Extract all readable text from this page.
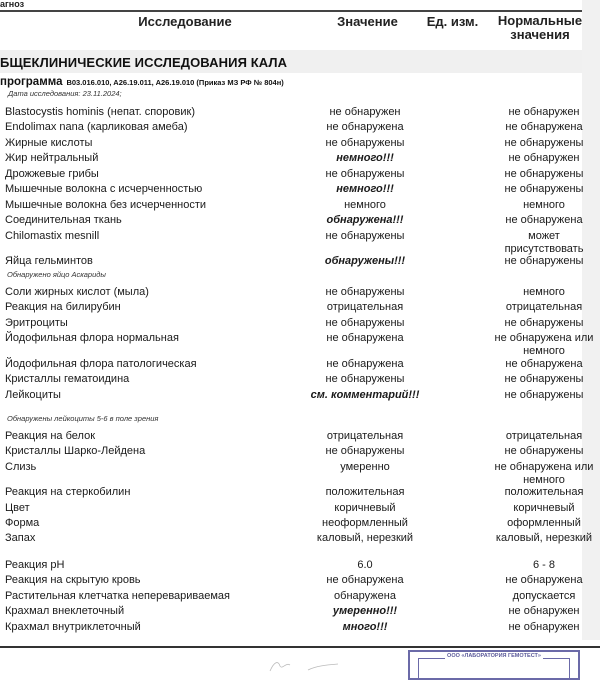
агноз
Исследование	Значение	Ед. изм.	Нормальные значения
БЩЕКЛИНИЧЕСКИЕ ИССЛЕДОВАНИЯ КАЛА
программа B03.016.010, A26.19.011, A26.19.010 (Приказ МЗ РФ № 804н)
Дата исследования: 23.11.2024;
Blastocystis hominis (непат. споровик)	не обнаружен	не обнаружен
Endolimax nana (карликовая амеба)	не обнаружена	не обнаружена
Жирные кислоты	не обнаружены	не обнаружены
Жир нейтральный	немного!!!	не обнаружен
Дрожжевые грибы	не обнаружены	не обнаружены
Мышечные волокна с исчерченностью	немного!!!	не обнаружены
Мышечные волокна без исчерченности	немного	немного
Соединительная ткань	обнаружена!!!	не обнаружена
Chilomastix mesnill	не обнаружены	может присутствовать
Яйца гельминтов	обнаружены!!!	не обнаружены
Обнаружено яйцо Аскариды
Соли жирных кислот (мыла)	не обнаружены	немного
Реакция на билирубин	отрицательная	отрицательная
Эритроциты	не обнаружены	не обнаружены
Йодофильная флора нормальная	не обнаружена	не обнаружена или немного
Йодофильная флора патологическая	не обнаружена	не обнаружена
Кристаллы гематоидина	не обнаружены	не обнаружены
Лейкоциты	см. комментарий!!!	не обнаружены
Обнаружены лейкоциты 5-6 в поле зрения
Реакция на белок	отрицательная	отрицательная
Кристаллы Шарко-Лейдена	не обнаружены	не обнаружены
Слизь	умеренно	не обнаружена или немного
Реакция на стеркобилин	положительная	положительная
Цвет	коричневый	коричневый
Форма	неоформленный	оформленный
Запах	каловый, нерезкий	каловый, нерезкий
Реакция pH	6.0	6 - 8
Реакция на скрытую кровь	не обнаружена	не обнаружена
Растительная клетчатка неперевариваемая	обнаружена	допускается
Крахмал внеклеточный	умеренно!!!	не обнаружен
Крахмал внутриклеточный	много!!!	не обнаружен
ООО «ЛАБОРАТОРИЯ ГЕМОТЕСТ»
